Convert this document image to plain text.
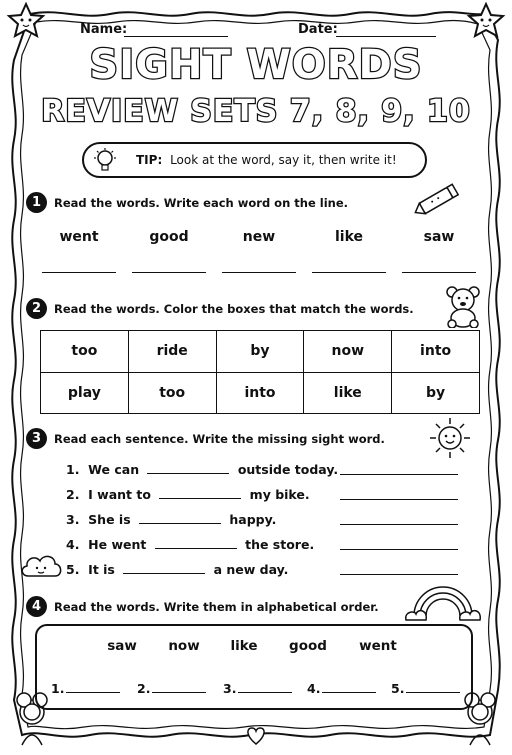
Name:	Date:
SIGHT WORDS
REVIEW SETS 7, 8, 9, 10
TIP: Look at the word, say it, then write it!
1	Read the words. Write each word on the line.
went	good	new	like	saw
2	Read the words. Color the boxes that match the words.
too	ride	by	now	into
play	too	into	like	by
3	Read each sentence. Write the missing sight word.
1. We can	outside today.
2. I want to	my bike.
3. She is	happy.
4. He went	the store.
5. It is	a new day.
4	Read the words. Write them in alphabetical order.
saw	now	like	good	went
1.	2.	3.	4.	5.
